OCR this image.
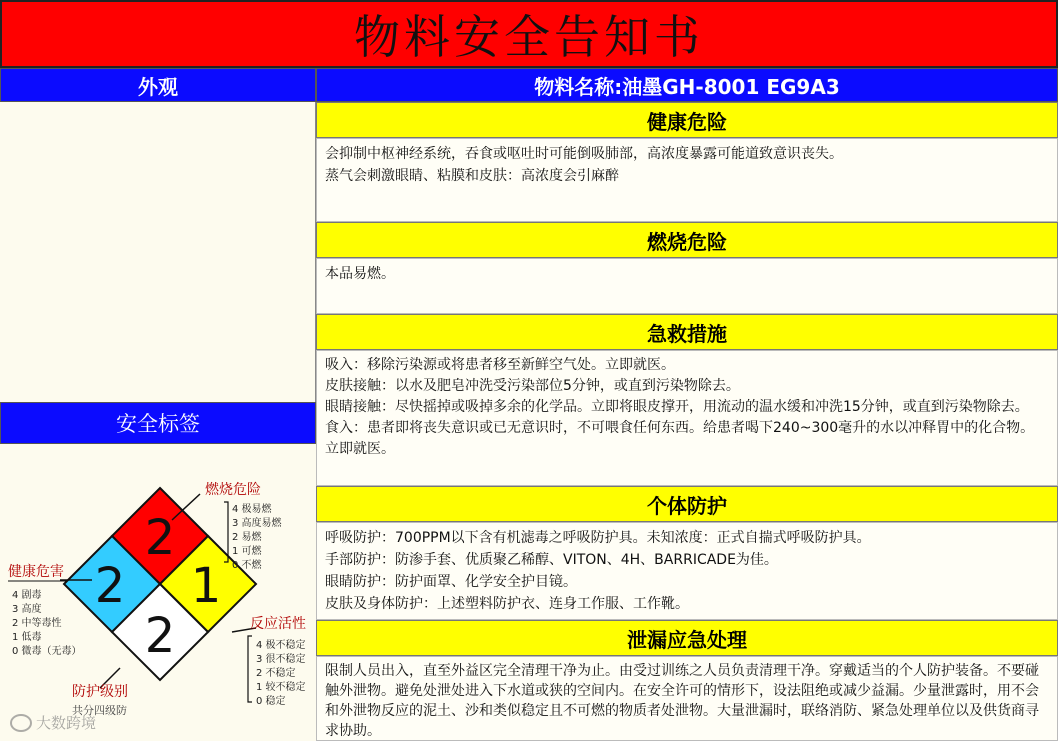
物料安全告知书
外观	物料名称:油墨GH-8001 EG9A3
安全标签
2
2 1
2
燃烧危险
4 极易燃
3 高度易燃
2 易燃
1 可燃
0 不燃
健康危害
4 剧毒
3 高度
2 中等毒性
1 低毒
0 微毒（无毒）
反应活性
4 极不稳定
3 很不稳定
2 不稳定
1 较不稳定
0 稳定
防护级别
共分四级防
健康危险

会抑制中枢神经系统，吞食或呕吐时可能倒吸肺部，高浓度暴露可能道致意识丧失。

蒸气会刺激眼睛、粘膜和皮肤：高浓度会引麻醉

燃烧危险

本品易燃。

急救措施

吸入：移除污染源或将患者移至新鲜空气处。立即就医。

皮肤接触：以水及肥皂冲洗受污染部位5分钟，或直到污染物除去。

眼睛接触：尽快摇掉或吸掉多余的化学品。立即将眼皮撑开，用流动的温水缓和冲洗15分钟，或直到污染物除去。

食入：患者即将丧失意识或已无意识时，不可喂食任何东西。给患者喝下240~300毫升的水以冲释胃中的化合物。立即就医。

个体防护

呼吸防护：700PPM以下含有机滤毒之呼吸防护具。未知浓度：正式自揣式呼吸防护具。

手部防护：防渗手套、优质聚乙稀醇、VITON、4H、BARRICADE为佳。

眼睛防护：防护面罩、化学安全护目镜。

皮肤及身体防护：上述塑料防护衣、连身工作服、工作靴。

泄漏应急处理

限制人员出入，直至外益区完全清理干净为止。由受过训练之人员负责清理干净。穿戴适当的个人防护装备。不要碰触外泄物。避免处泄处进入下水道或狭的空间内。在安全许可的情形下，设法阻绝或减少益漏。少量泄露时，用不会和外泄物反应的泥土、沙和类似稳定且不可燃的物质者处泄物。大量泄漏时，联络消防、紧急处理单位以及供货商寻求协助。

大数跨境
